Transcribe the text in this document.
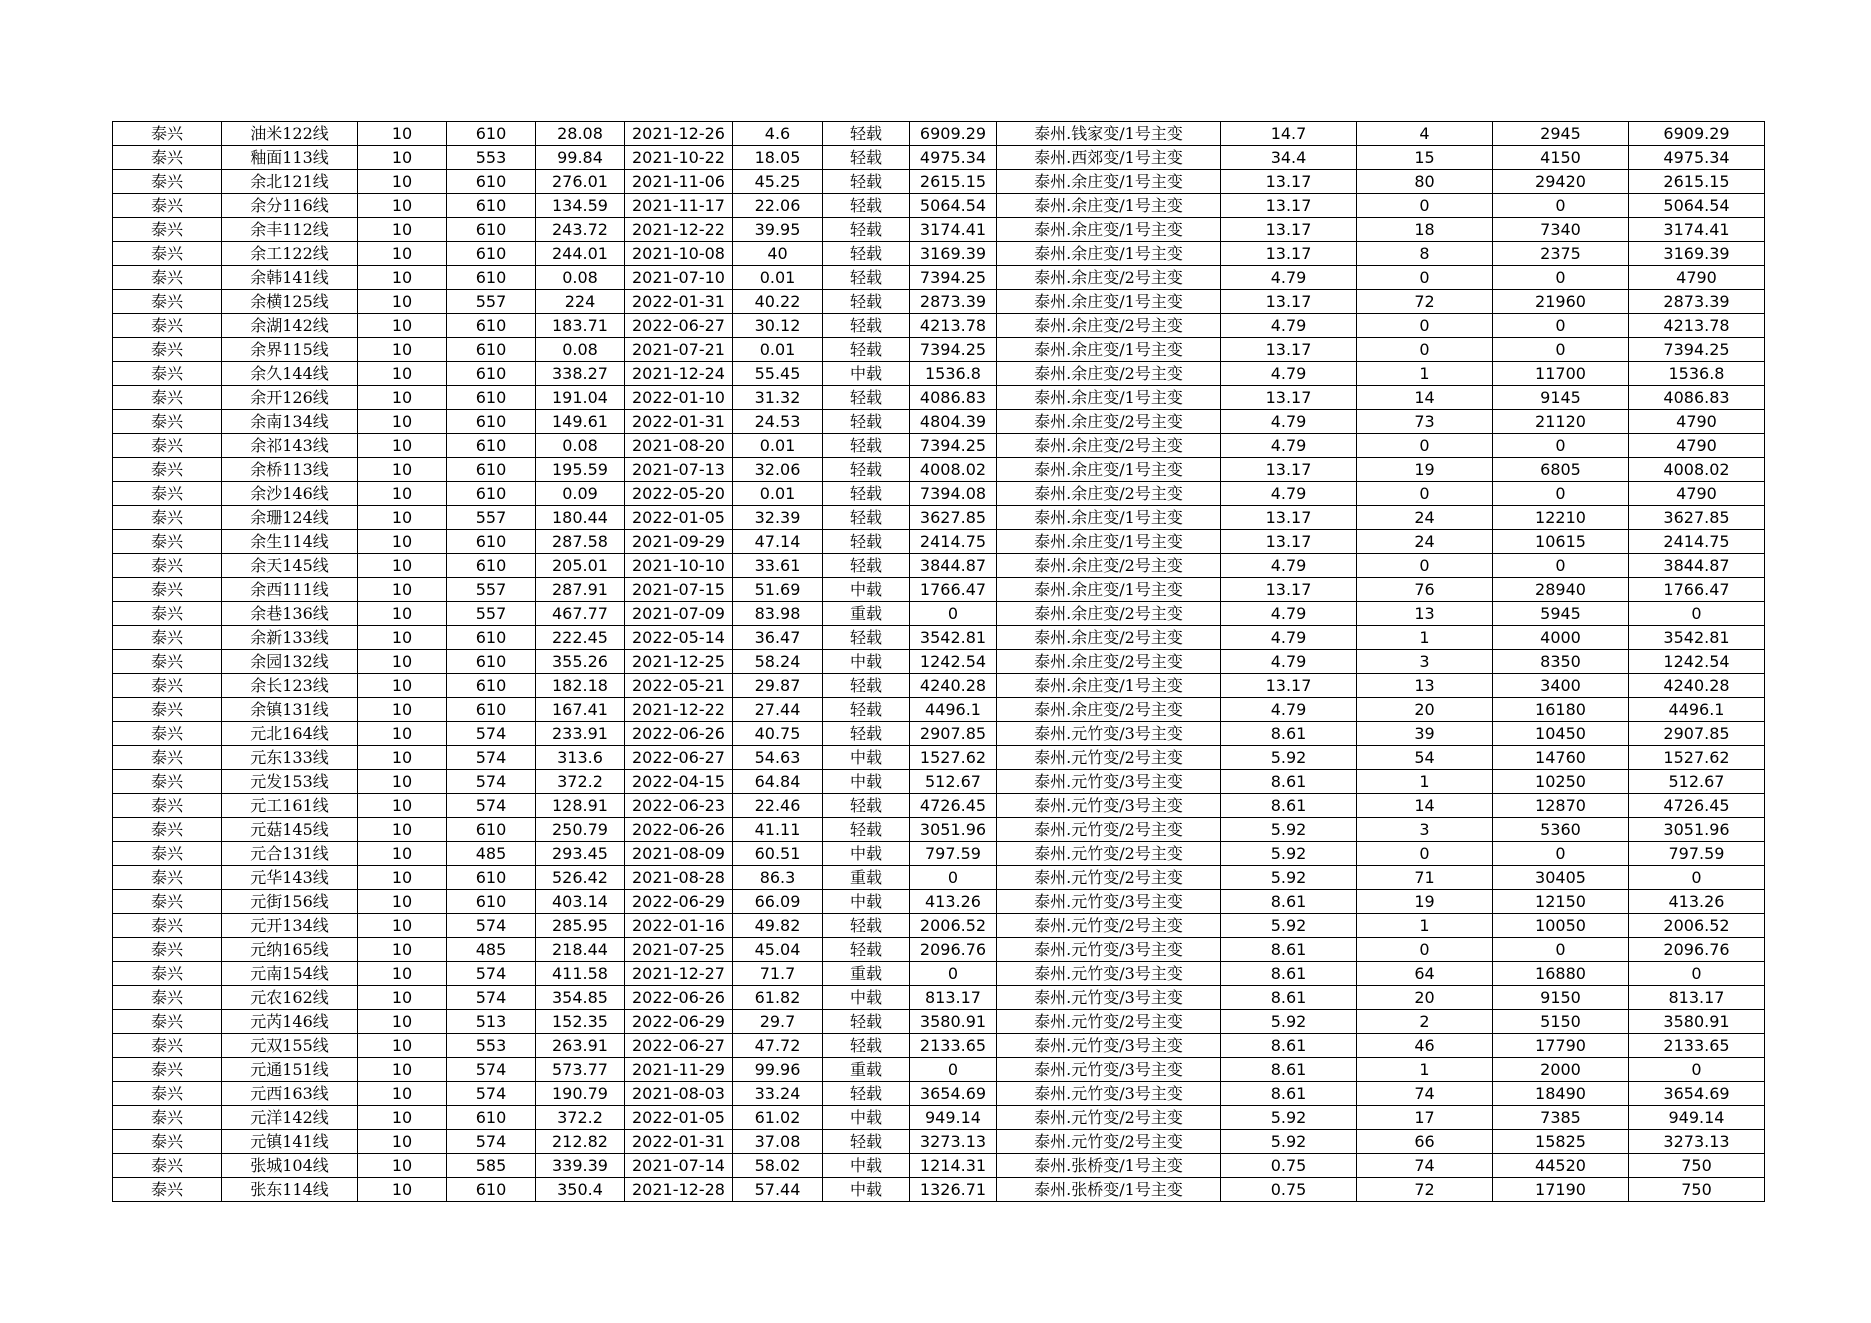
泰兴	油米122线	10	610	28.08	2021-12-26	4.6	轻载	6909.29	泰州.钱家变/1号主变	14.7	4	2945	6909.29
泰兴	釉面113线	10	553	99.84	2021-10-22	18.05	轻载	4975.34	泰州.西郊变/1号主变	34.4	15	4150	4975.34
泰兴	余北121线	10	610	276.01	2021-11-06	45.25	轻载	2615.15	泰州.余庄变/1号主变	13.17	80	29420	2615.15
泰兴	余分116线	10	610	134.59	2021-11-17	22.06	轻载	5064.54	泰州.余庄变/1号主变	13.17	0	0	5064.54
泰兴	余丰112线	10	610	243.72	2021-12-22	39.95	轻载	3174.41	泰州.余庄变/1号主变	13.17	18	7340	3174.41
泰兴	余工122线	10	610	244.01	2021-10-08	40	轻载	3169.39	泰州.余庄变/1号主变	13.17	8	2375	3169.39
泰兴	余韩141线	10	610	0.08	2021-07-10	0.01	轻载	7394.25	泰州.余庄变/2号主变	4.79	0	0	4790
泰兴	余横125线	10	557	224	2022-01-31	40.22	轻载	2873.39	泰州.余庄变/1号主变	13.17	72	21960	2873.39
泰兴	余湖142线	10	610	183.71	2022-06-27	30.12	轻载	4213.78	泰州.余庄变/2号主变	4.79	0	0	4213.78
泰兴	余界115线	10	610	0.08	2021-07-21	0.01	轻载	7394.25	泰州.余庄变/1号主变	13.17	0	0	7394.25
泰兴	余久144线	10	610	338.27	2021-12-24	55.45	中载	1536.8	泰州.余庄变/2号主变	4.79	1	11700	1536.8
泰兴	余开126线	10	610	191.04	2022-01-10	31.32	轻载	4086.83	泰州.余庄变/1号主变	13.17	14	9145	4086.83
泰兴	余南134线	10	610	149.61	2022-01-31	24.53	轻载	4804.39	泰州.余庄变/2号主变	4.79	73	21120	4790
泰兴	余祁143线	10	610	0.08	2021-08-20	0.01	轻载	7394.25	泰州.余庄变/2号主变	4.79	0	0	4790
泰兴	余桥113线	10	610	195.59	2021-07-13	32.06	轻载	4008.02	泰州.余庄变/1号主变	13.17	19	6805	4008.02
泰兴	余沙146线	10	610	0.09	2022-05-20	0.01	轻载	7394.08	泰州.余庄变/2号主变	4.79	0	0	4790
泰兴	余珊124线	10	557	180.44	2022-01-05	32.39	轻载	3627.85	泰州.余庄变/1号主变	13.17	24	12210	3627.85
泰兴	余生114线	10	610	287.58	2021-09-29	47.14	轻载	2414.75	泰州.余庄变/1号主变	13.17	24	10615	2414.75
泰兴	余天145线	10	610	205.01	2021-10-10	33.61	轻载	3844.87	泰州.余庄变/2号主变	4.79	0	0	3844.87
泰兴	余西111线	10	557	287.91	2021-07-15	51.69	中载	1766.47	泰州.余庄变/1号主变	13.17	76	28940	1766.47
泰兴	余巷136线	10	557	467.77	2021-07-09	83.98	重载	0	泰州.余庄变/2号主变	4.79	13	5945	0
泰兴	余新133线	10	610	222.45	2022-05-14	36.47	轻载	3542.81	泰州.余庄变/2号主变	4.79	1	4000	3542.81
泰兴	余园132线	10	610	355.26	2021-12-25	58.24	中载	1242.54	泰州.余庄变/2号主变	4.79	3	8350	1242.54
泰兴	余长123线	10	610	182.18	2022-05-21	29.87	轻载	4240.28	泰州.余庄变/1号主变	13.17	13	3400	4240.28
泰兴	余镇131线	10	610	167.41	2021-12-22	27.44	轻载	4496.1	泰州.余庄变/2号主变	4.79	20	16180	4496.1
泰兴	元北164线	10	574	233.91	2022-06-26	40.75	轻载	2907.85	泰州.元竹变/3号主变	8.61	39	10450	2907.85
泰兴	元东133线	10	574	313.6	2022-06-27	54.63	中载	1527.62	泰州.元竹变/2号主变	5.92	54	14760	1527.62
泰兴	元发153线	10	574	372.2	2022-04-15	64.84	中载	512.67	泰州.元竹变/3号主变	8.61	1	10250	512.67
泰兴	元工161线	10	574	128.91	2022-06-23	22.46	轻载	4726.45	泰州.元竹变/3号主变	8.61	14	12870	4726.45
泰兴	元菇145线	10	610	250.79	2022-06-26	41.11	轻载	3051.96	泰州.元竹变/2号主变	5.92	3	5360	3051.96
泰兴	元合131线	10	485	293.45	2021-08-09	60.51	中载	797.59	泰州.元竹变/2号主变	5.92	0	0	797.59
泰兴	元华143线	10	610	526.42	2021-08-28	86.3	重载	0	泰州.元竹变/2号主变	5.92	71	30405	0
泰兴	元街156线	10	610	403.14	2022-06-29	66.09	中载	413.26	泰州.元竹变/3号主变	8.61	19	12150	413.26
泰兴	元开134线	10	574	285.95	2022-01-16	49.82	轻载	2006.52	泰州.元竹变/2号主变	5.92	1	10050	2006.52
泰兴	元纳165线	10	485	218.44	2021-07-25	45.04	轻载	2096.76	泰州.元竹变/3号主变	8.61	0	0	2096.76
泰兴	元南154线	10	574	411.58	2021-12-27	71.7	重载	0	泰州.元竹变/3号主变	8.61	64	16880	0
泰兴	元农162线	10	574	354.85	2022-06-26	61.82	中载	813.17	泰州.元竹变/3号主变	8.61	20	9150	813.17
泰兴	元芮146线	10	513	152.35	2022-06-29	29.7	轻载	3580.91	泰州.元竹变/2号主变	5.92	2	5150	3580.91
泰兴	元双155线	10	553	263.91	2022-06-27	47.72	轻载	2133.65	泰州.元竹变/3号主变	8.61	46	17790	2133.65
泰兴	元通151线	10	574	573.77	2021-11-29	99.96	重载	0	泰州.元竹变/3号主变	8.61	1	2000	0
泰兴	元西163线	10	574	190.79	2021-08-03	33.24	轻载	3654.69	泰州.元竹变/3号主变	8.61	74	18490	3654.69
泰兴	元洋142线	10	610	372.2	2022-01-05	61.02	中载	949.14	泰州.元竹变/2号主变	5.92	17	7385	949.14
泰兴	元镇141线	10	574	212.82	2022-01-31	37.08	轻载	3273.13	泰州.元竹变/2号主变	5.92	66	15825	3273.13
泰兴	张城104线	10	585	339.39	2021-07-14	58.02	中载	1214.31	泰州.张桥变/1号主变	0.75	74	44520	750
泰兴	张东114线	10	610	350.4	2021-12-28	57.44	中载	1326.71	泰州.张桥变/1号主变	0.75	72	17190	750
